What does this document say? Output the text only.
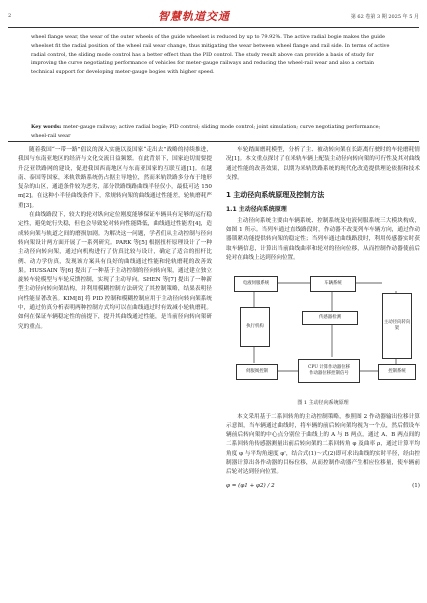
2	智慧轨道交通	第 62 卷第 3 期 2025 年 5 月
wheel flange wear, the wear of the outer wheels of the guide wheelset is reduced by up to 79.92%. The active radial bogie makes the guide wheelset fit the radial position of the wheel rail wear change, thus mitigating the wear between wheel flange and rail side. In terms of active radial control, the sliding mode control has a better effect than the PID control. The study result above can provide a basis of study for improving the curve negotiating performance of vehicles for meter-gauge railways and reducing the wheel-rail wear and also a certain technical support for developing meter-gauge bogies with higher speed.
Key words: meter-gauge railway; active radial bogie; PID control; sliding mode control; joint simulation; curve negotiating performance; wheel-rail wear

随着我国“一带一路”倡议的深入实施以及国家“走出去”战略的持续推进，我国与东南亚地区的经济与文化交流日益频繁。在此背景下，国家迫切需要提升泛亚铁路网的建设，促进我国西南地区与东南亚国家的互联互通[1]。在越南、泰国等国家，米轨铁路系统仍占据主导地位，然而米轨铁路多分布于地形复杂的山区，通道条件较为恶劣，部分铁路线路曲线半径仅小，最低可达 150 m[2]。在这种小半径曲线条件下，常规转向架的曲线通过性能差，轮轨磨耗严重[3]。

在曲线路段下，较大的轮对纵向定位刚度能够保证车辆具有足够的运行稳定性，避免蛇行失稳，但也会导致轮对转向性能降低，曲线通过性能差[4]，造成转向架与轨道之间的磨损加剧。为解决这一问题，学者们从主动控制与径向转向架设计两方面开展了一系列研究。PARK 等[5] 根据扭杆原理设计了一种主动径向转向架，通过向机构进行了仿真比较与设计，确定了适合的扭杆比例、动力学仿真，发现该方案具有良好的曲线通过性能和轮轨磨耗的改善效果。HUSSAIN 等[6] 提出了一种基于主动控制的径向转向架，通过建立独立旋转车轮模型与车轮反馈控制，实现了主动导向。SHEN 等[7] 提出了一种新型主动径向转向架结构，并利用模糊控制方法研究了其控制策略，结果表明径向性能显著改善。KIM[8] 将 PID 控制和模糊控制应用于主动径向转向架系统中，通过仿真分析表明两种控制方式均可以在曲线通过时有效减小轮轨磨耗。如何在保证车辆稳定性的前提下，提升其曲线通过性能，是当前径向转向架研究的重点。

车轮踏面磨耗模型，分析了主、被动转向架在长距离行驶时的车轮磨耗情况[1]。本文重点探讨了在米轨车辆上配装主动径向转向架的可行性及其对曲线通过性能的改善效果，以期为米轨铁路系统的现代化改造提供理论依据和技术支撑。

1 主动径向系统原理及控制方法
1.1 主动径向系统原理

主动径向系统主要由车辆系统、控制系统及电液伺服系统三大模块构成，如图 1 所示。当列车通过直线路段时，作动器不改变列车车辆方向，通过作动器锁紧功能提供转向架的稳定性；当列车通过曲线路段时，利用传感器实时获取车辆信息，计算出当前曲线曲率和轮对的径向位移，从而控制作动器使前后轮对在曲线上达到径向位置。

电液伺服系统	车辆系统
主动径向转向架
执行机构
伺服阀控制
CPU 计算作动器位移
作动器位移控制信号	控制系统
传感器检测
图 1 主动径向系统原理

本文采用基于二系回转角的主动控制策略，参照图 2 作动器输出位移计算示意图，当车辆通过曲线时，将车辆的前后转向架均视为一个点，然后假设车辆前后转向架的中心点分别位于曲线上的 A 与 B 两点，通过 A、B 两点间的二系回转角传感器测量出前后转向架的二系回转角 φ 及曲率 ρ，通过计算平均角度 φ 与平均角速度 φ'，结合式(1)～式(2)即可求出曲线的实时半径，经由控制器计算出各作动器的目标位移，从而控制作动器产生相应位移量，使车辆前后轮对达到径向位置。

φ = (φ1 + φ2) / 2	(1)
